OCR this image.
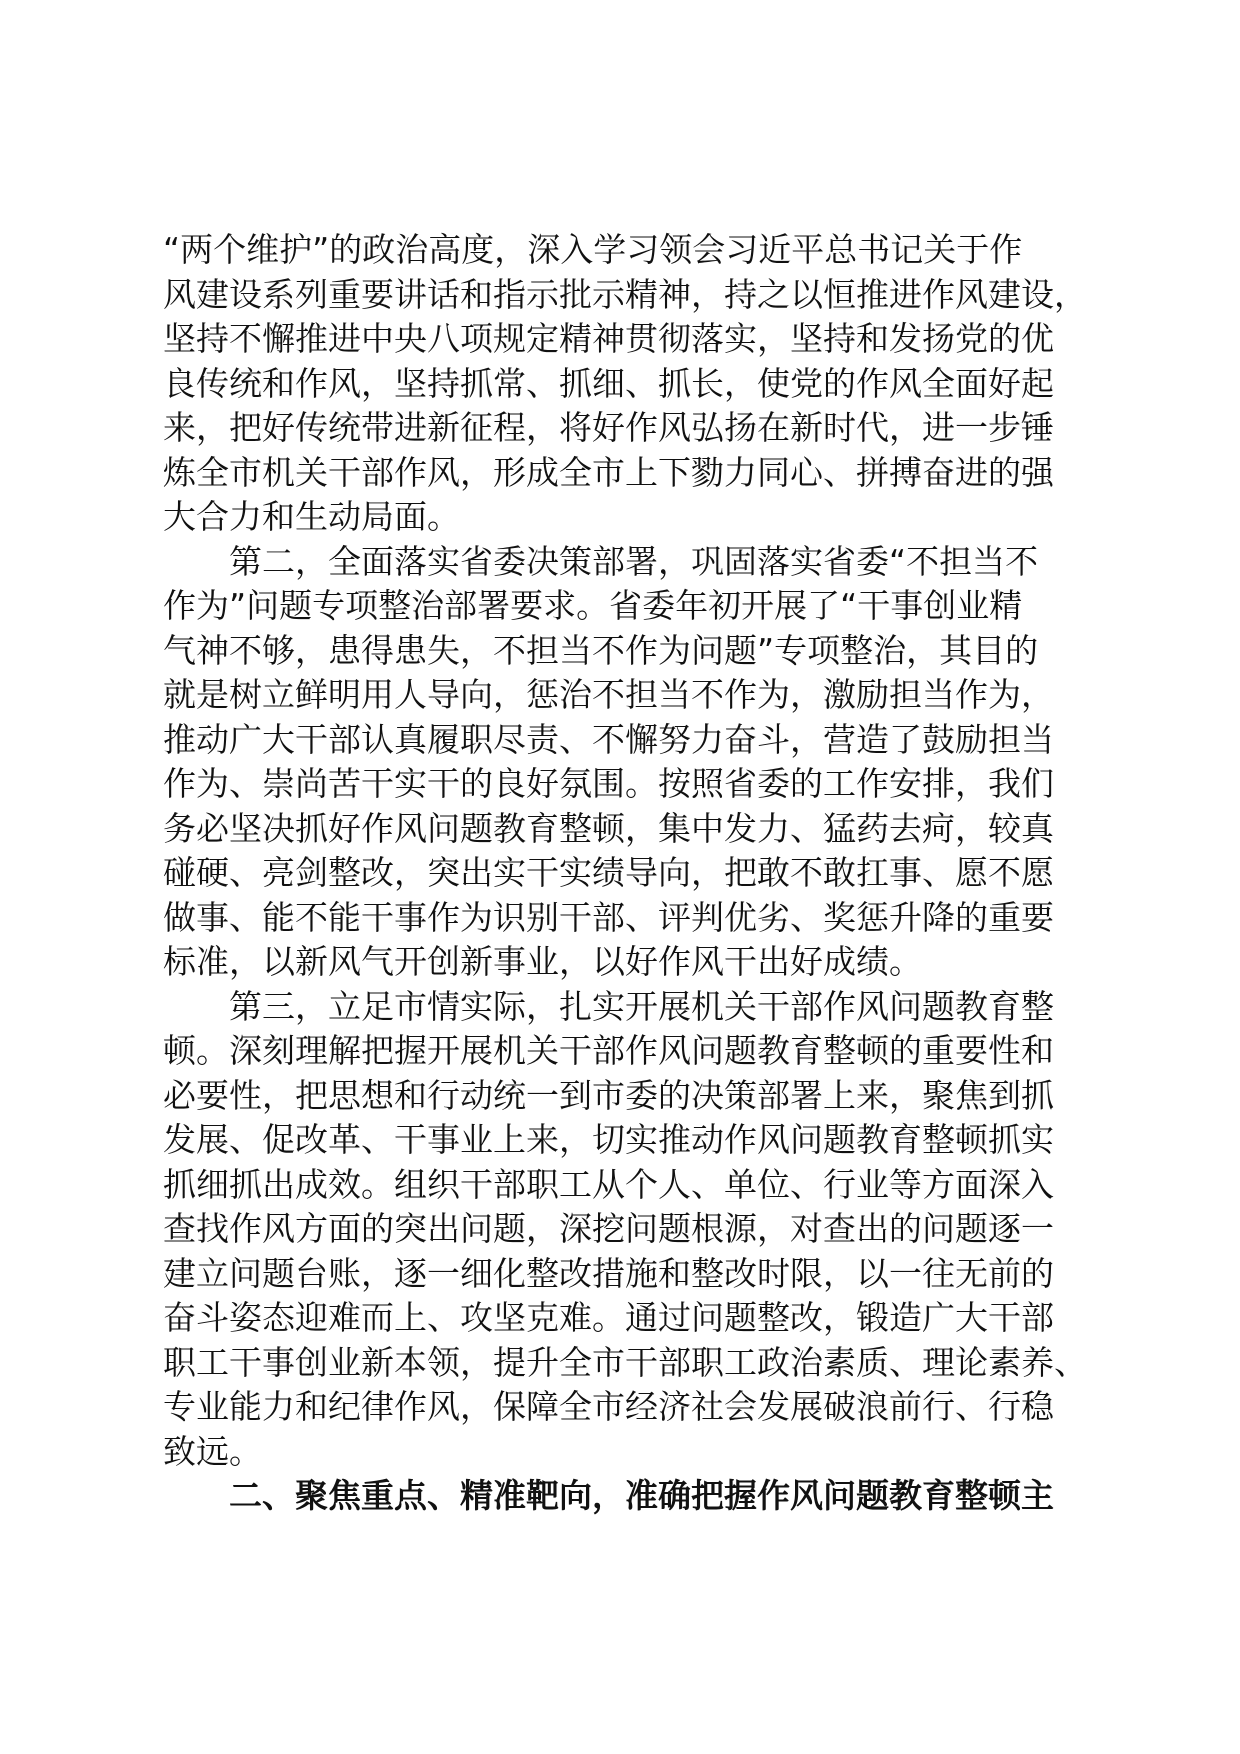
“两个维护”的政治高度，深入学习领会习近平总书记关于作
风建设系列重要讲话和指示批示精神，持之以恒推进作风建设，
坚持不懈推进中央八项规定精神贯彻落实，坚持和发扬党的优
良传统和作风，坚持抓常、抓细、抓长，使党的作风全面好起
来，把好传统带进新征程，将好作风弘扬在新时代，进一步锤
炼全市机关干部作风，形成全市上下勠力同心、拼搏奋进的强
大合力和生动局面。
第二，全面落实省委决策部署，巩固落实省委“不担当不
作为”问题专项整治部署要求。省委年初开展了“干事创业精
气神不够，患得患失，不担当不作为问题”专项整治，其目的
就是树立鲜明用人导向，惩治不担当不作为，激励担当作为，
推动广大干部认真履职尽责、不懈努力奋斗，营造了鼓励担当
作为、崇尚苦干实干的良好氛围。按照省委的工作安排，我们
务必坚决抓好作风问题教育整顿，集中发力、猛药去疴，较真
碰硬、亮剑整改，突出实干实绩导向，把敢不敢扛事、愿不愿
做事、能不能干事作为识别干部、评判优劣、奖惩升降的重要
标准，以新风气开创新事业，以好作风干出好成绩。
第三，立足市情实际，扎实开展机关干部作风问题教育整
顿。深刻理解把握开展机关干部作风问题教育整顿的重要性和
必要性，把思想和行动统一到市委的决策部署上来，聚焦到抓
发展、促改革、干事业上来，切实推动作风问题教育整顿抓实
抓细抓出成效。组织干部职工从个人、单位、行业等方面深入
查找作风方面的突出问题，深挖问题根源，对查出的问题逐一
建立问题台账，逐一细化整改措施和整改时限，以一往无前的
奋斗姿态迎难而上、攻坚克难。通过问题整改，锻造广大干部
职工干事创业新本领，提升全市干部职工政治素质、理论素养、
专业能力和纪律作风，保障全市经济社会发展破浪前行、行稳
致远。
二、聚焦重点、精准靶向，准确把握作风问题教育整顿主
